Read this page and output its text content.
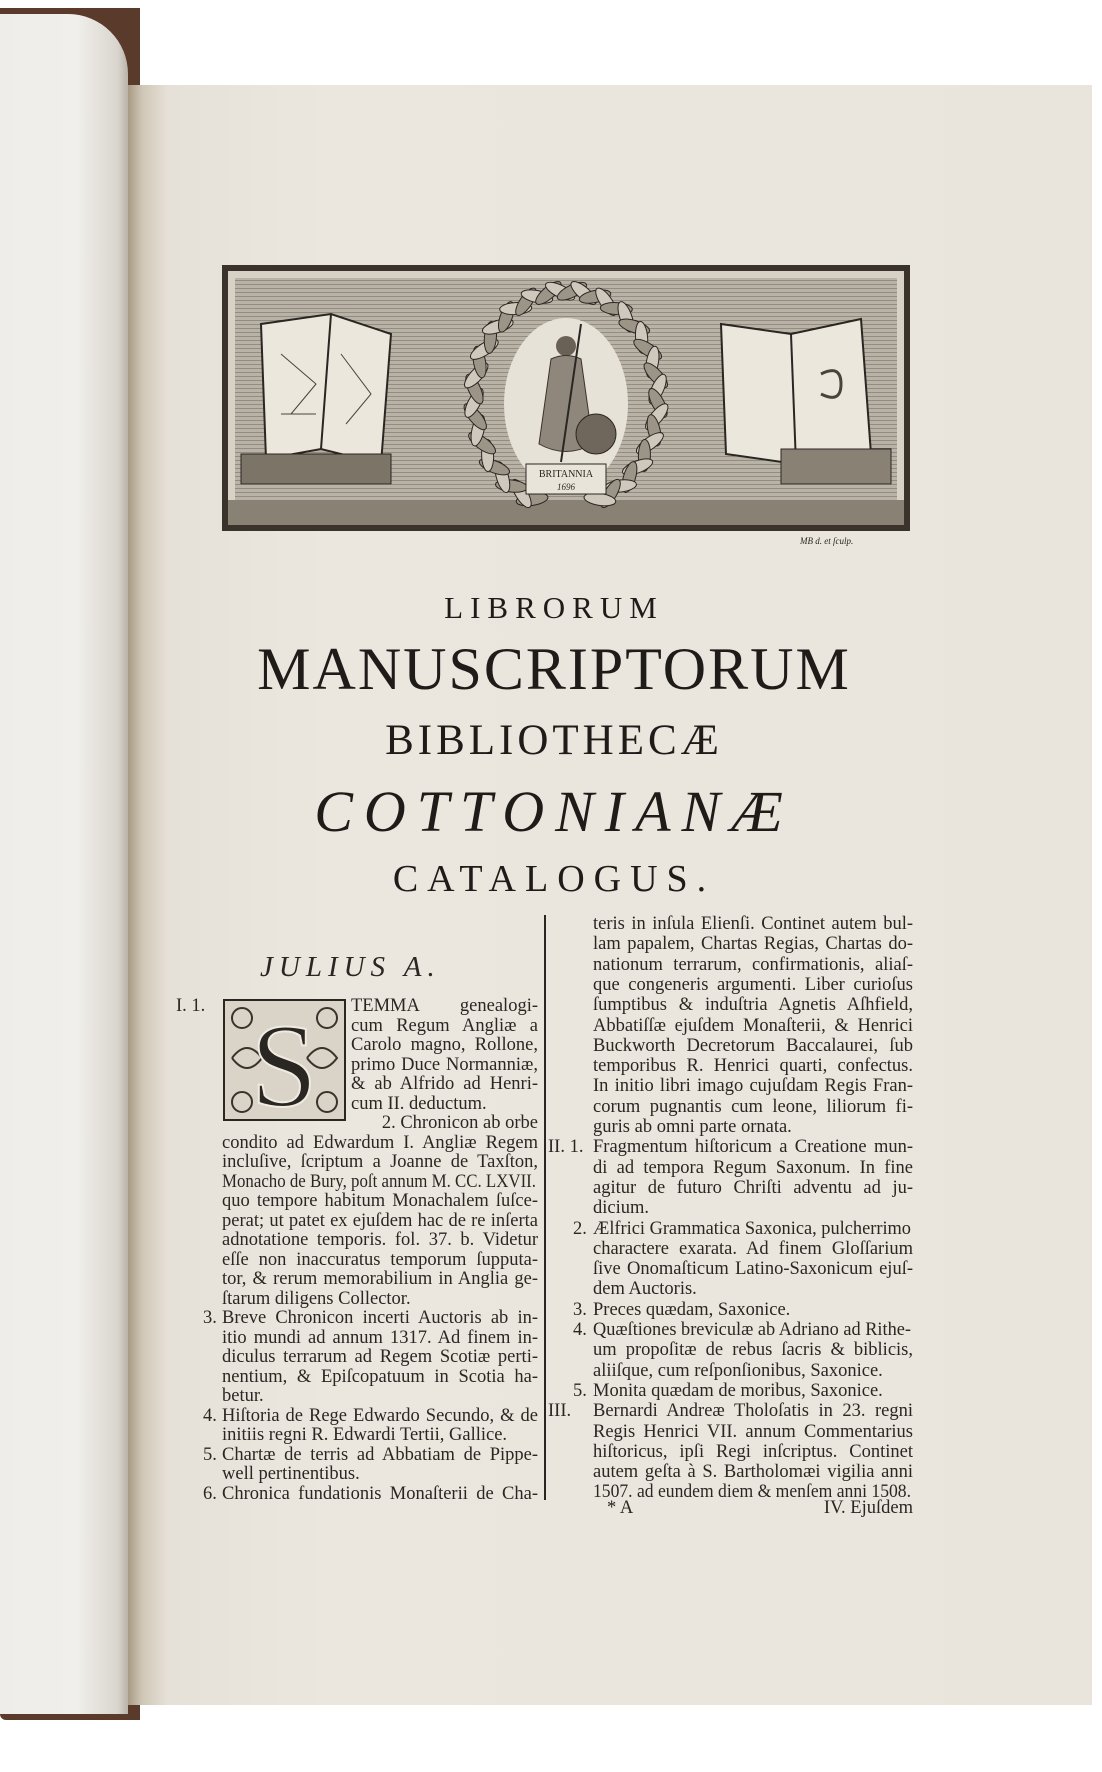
BRITANNIA
1696
MB d. et ſculp.
LIBRORUM
MANUSCRIPTORUM
BIBLIOTHECÆ
COTTONIANÆ
CATALOGUS.
JULIUS A.
S TEMMA genealogi-
I. 1.
cum Regum Angliæ a
Carolo magno, Rollone,
primo Duce Normanniæ,
& ab Alfrido ad Henri-
cum II. deductum.
2. Chronicon ab orbe
condito ad Edwardum I. Angliæ Regem
incluſive, ſcriptum a Joanne de Taxſton,
Monacho de Bury, poſt annum M. CC. LXVII.
quo tempore habitum Monachalem ſuſce-
perat; ut patet ex ejuſdem hac de re inſerta
adnotatione temporis. fol. 37. b. Videtur
eſſe non inaccuratus temporum ſupputa-
tor, & rerum memorabilium in Anglia ge-
ſtarum diligens Collector.
Breve Chronicon incerti Auctoris ab in-
3.
itio mundi ad annum 1317. Ad finem in-
diculus terrarum ad Regem Scotiæ perti-
nentium, & Epiſcopatuum in Scotia ha-
betur.
Hiſtoria de Rege Edwardo Secundo, & de
4.
initiis regni R. Edwardi Tertii, Gallice.
Chartæ de terris ad Abbatiam de Pippe-
5.
well pertinentibus.
Chronica fundationis Monaſterii de Cha-
6.
teris in inſula Elienſi. Continet autem bul-
lam papalem, Chartas Regias, Chartas do-
nationum terrarum, confirmationis, aliaſ-
que congeneris argumenti. Liber curioſus
ſumptibus & induſtria Agnetis Aſhfield,
Abbatiſſæ ejuſdem Monaſterii, & Henrici
Buckworth Decretorum Baccalaurei, ſub
temporibus R. Henrici quarti, confectus.
In initio libri imago cujuſdam Regis Fran-
corum pugnantis cum leone, liliorum fi-
guris ab omni parte ornata.
Fragmentum hiſtoricum a Creatione mun-
II. 1.
di ad tempora Regum Saxonum. In fine
agitur de futuro Chriſti adventu ad ju-
dicium.
Ælfrici Grammatica Saxonica, pulcherrimo
2.
charactere exarata. Ad finem Gloſſarium
ſive Onomaſticum Latino-Saxonicum ejuſ-
dem Auctoris.
Preces quædam, Saxonice.
3.
Quæſtiones breviculæ ab Adriano ad Rithe-
4.
um propoſitæ de rebus ſacris & biblicis,
aliiſque, cum reſponſionibus, Saxonice.
Monita quædam de moribus, Saxonice.
5.
Bernardi Andreæ Tholoſatis in 23. regni
III.
Regis Henrici VII. annum Commentarius
hiſtoricus, ipſi Regi inſcriptus. Continet
autem geſta à S. Bartholomæi vigilia anni
1507. ad eundem diem & menſem anni 1508.
* A	IV. Ejuſdem
